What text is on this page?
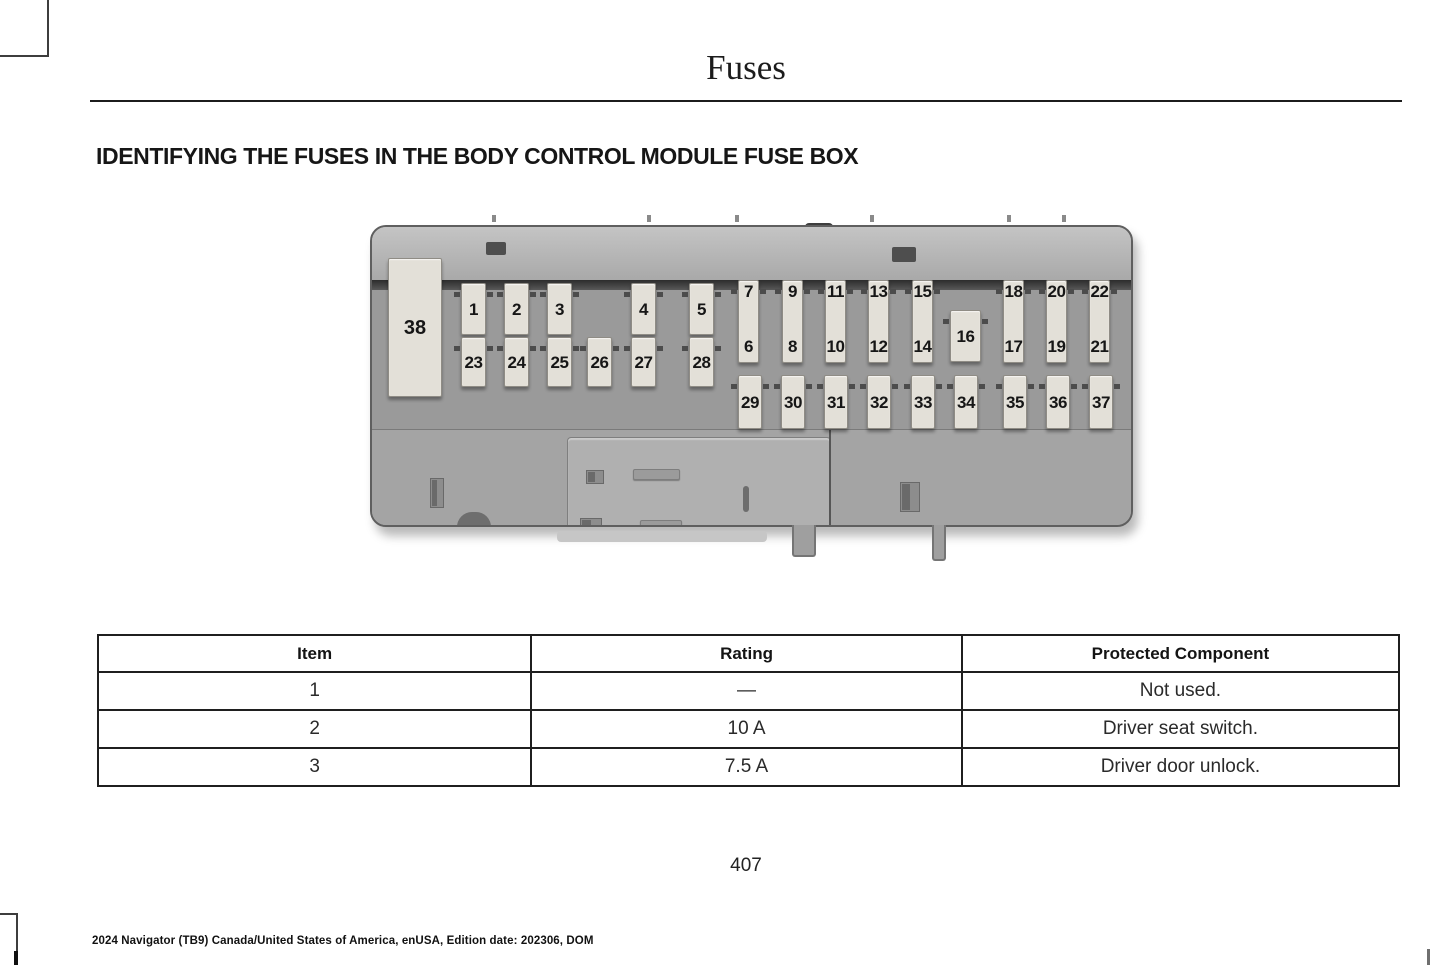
Fuses
IDENTIFYING THE FUSES IN THE BODY CONTROL MODULE FUSE BOX
38
1 2 3	4	5
23 24 25 26 27 28
7
6
9
8
11
10
13
12
15
14
18
17
20
19
22
21
16
29 30 31 32 33 34 35 36 37
Item	Rating	Protected Component
1	—	Not used.
2	10 A	Driver seat switch.
3	7.5 A	Driver door unlock.
407
2024 Navigator (TB9) Canada/United States of America, enUSA, Edition date: 202306, DOM
